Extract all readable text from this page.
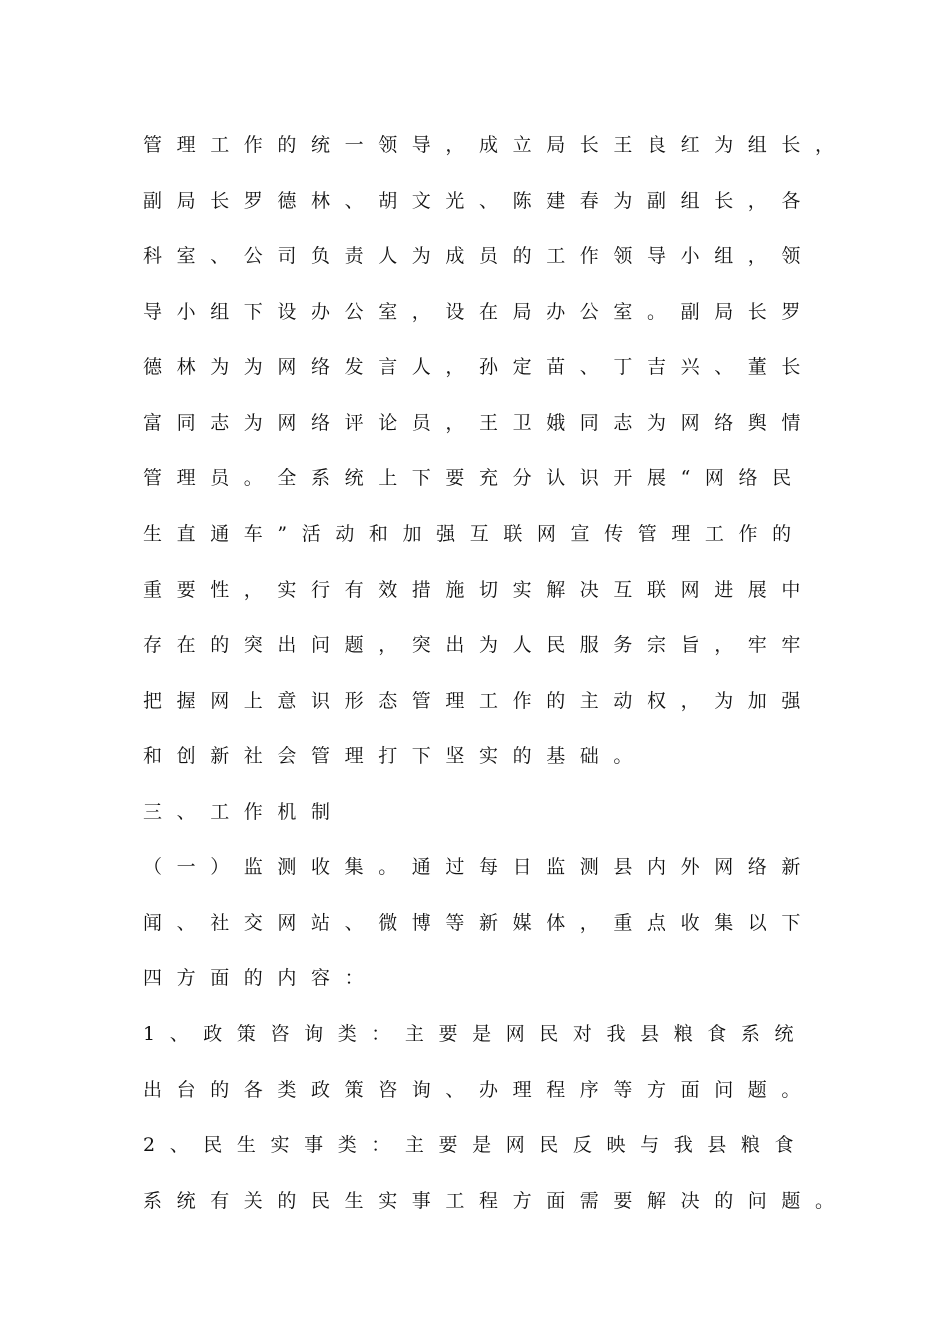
管理工作的统一领导，成立局长王良红为组长，

副局长罗德林、胡文光、陈建春为副组长，各

科室、公司负责人为成员的工作领导小组，领

导小组下设办公室，设在局办公室。副局长罗

德林为为网络发言人，孙定苗、丁吉兴、董长

富同志为网络评论员，王卫娥同志为网络舆情

管理员。全系统上下要充分认识开展“网络民

生直通车”活动和加强互联网宣传管理工作的

重要性，实行有效措施切实解决互联网进展中

存在的突出问题，突出为人民服务宗旨，牢牢

把握网上意识形态管理工作的主动权，为加强

和创新社会管理打下坚实的基础。

三、工作机制

（一）监测收集。通过每日监测县内外网络新

闻、社交网站、微博等新媒体，重点收集以下

四方面的内容：

1、政策咨询类：主要是网民对我县粮食系统

出台的各类政策咨询、办理程序等方面问题。

2、民生实事类：主要是网民反映与我县粮食

系统有关的民生实事工程方面需要解决的问题。
